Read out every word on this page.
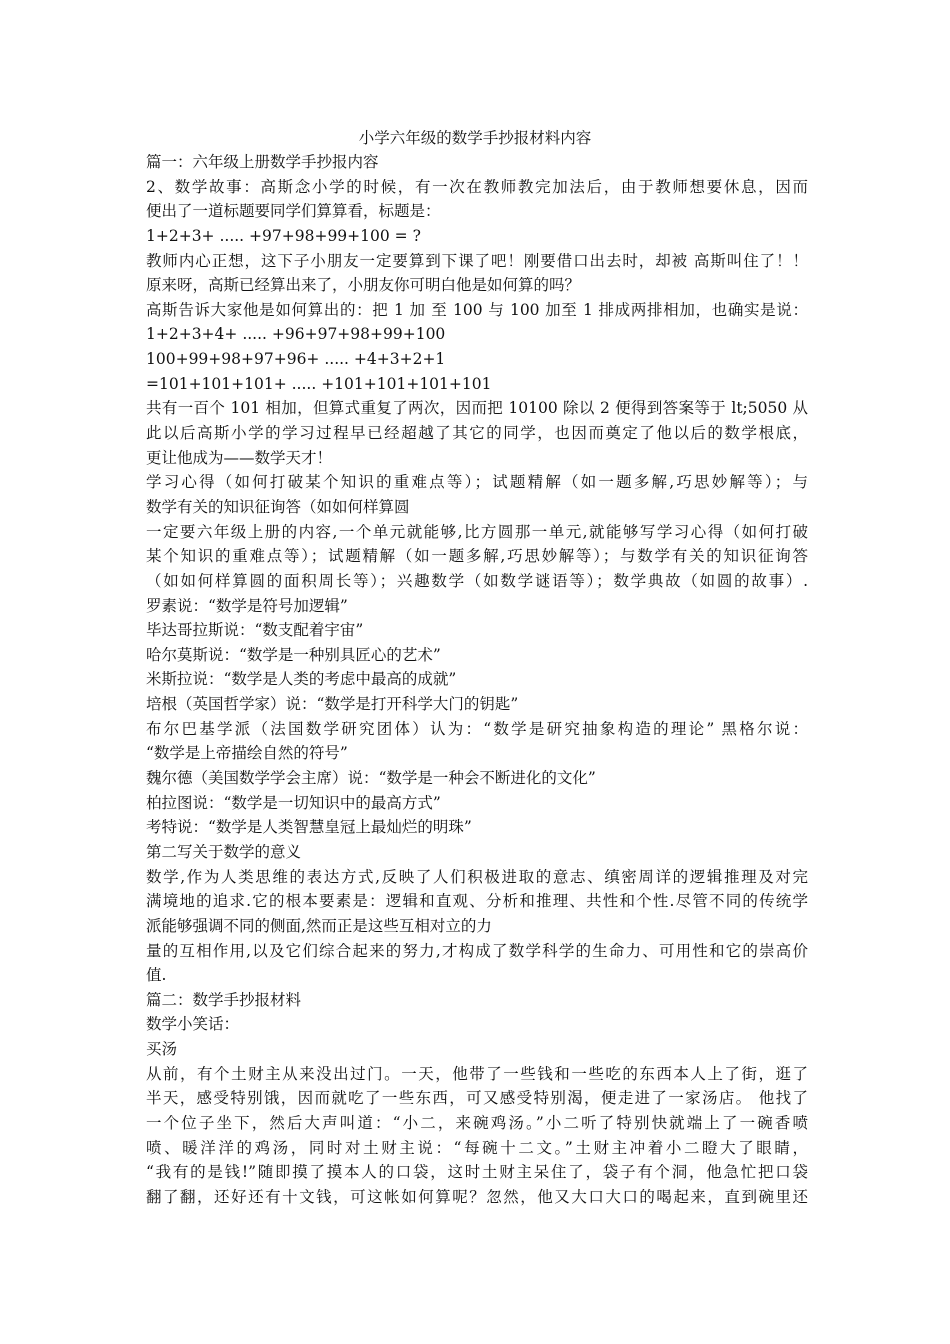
小学六年级的数学手抄报材料内容
篇一：六年级上册数学手抄报内容
2、数学故事：高斯念小学的时候，有一次在教师教完加法后，由于教师想要休息，因而
便出了一道标题要同学们算算看，标题是：
1+2+3+ ..... +97+98+99+100 = ?
教师内心正想，这下子小朋友一定要算到下课了吧！刚要借口出去时，却被 高斯叫住了！！
原来呀，高斯已经算出来了，小朋友你可明白他是如何算的吗？
高斯告诉大家他是如何算出的：把 1 加 至 100 与 100 加至 1 排成两排相加，也确实是说：
1+2+3+4+ ..... +96+97+98+99+100
100+99+98+97+96+ ..... +4+3+2+1
=101+101+101+ ..... +101+101+101+101
共有一百个 101 相加，但算式重复了两次，因而把 10100 除以 2 便得到答案等于 lt;5050 从
此以后高斯小学的学习过程早已经超越了其它的同学，也因而奠定了他以后的数学根底，
更让他成为——数学天才！
学习心得（如何打破某个知识的重难点等）；试题精解（如一题多解,巧思妙解等）；与
数学有关的知识征询答（如如何样算圆
一定要六年级上册的内容,一个单元就能够,比方圆那一单元,就能够写学习心得（如何打破
某个知识的重难点等）；试题精解（如一题多解,巧思妙解等）；与数学有关的知识征询答
（如如何样算圆的面积周长等）；兴趣数学（如数学谜语等）；数学典故（如圆的故事）.
罗素说：“数学是符号加逻辑”
毕达哥拉斯说：“数支配着宇宙”
哈尔莫斯说：“数学是一种别具匠心的艺术”
米斯拉说：“数学是人类的考虑中最高的成就”
培根（英国哲学家）说：“数学是打开科学大门的钥匙”
布尔巴基学派（法国数学研究团体）认为：“数学是研究抽象构造的理论” 黑格尔说：
“数学是上帝描绘自然的符号”
魏尔德（美国数学学会主席）说：“数学是一种会不断进化的文化”
柏拉图说：“数学是一切知识中的最高方式”
考特说：“数学是人类智慧皇冠上最灿烂的明珠”
第二写关于数学的意义
数学,作为人类思维的表达方式,反映了人们积极进取的意志、缜密周详的逻辑推理及对完
满境地的追求.它的根本要素是：逻辑和直观、分析和推理、共性和个性.尽管不同的传统学
派能够强调不同的侧面,然而正是这些互相对立的力
量的互相作用,以及它们综合起来的努力,才构成了数学科学的生命力、可用性和它的崇高价
值.
篇二：数学手抄报材料
数学小笑话：
买汤
从前，有个土财主从来没出过门。一天，他带了一些钱和一些吃的东西本人上了街，逛了
半天，感受特别饿，因而就吃了一些东西，可又感受特别渴，便走进了一家汤店。 他找了
一个位子坐下，然后大声叫道：“小二，来碗鸡汤。”小二听了特别快就端上了一碗香喷
喷、暖洋洋的鸡汤，同时对土财主说：“每碗十二文。”土财主冲着小二瞪大了眼睛，
“我有的是钱!”随即摸了摸本人的口袋，这时土财主呆住了，袋子有个洞，他急忙把口袋
翻了翻，还好还有十文钱，可这帐如何算呢？忽然，他又大口大口的喝起来，直到碗里还
